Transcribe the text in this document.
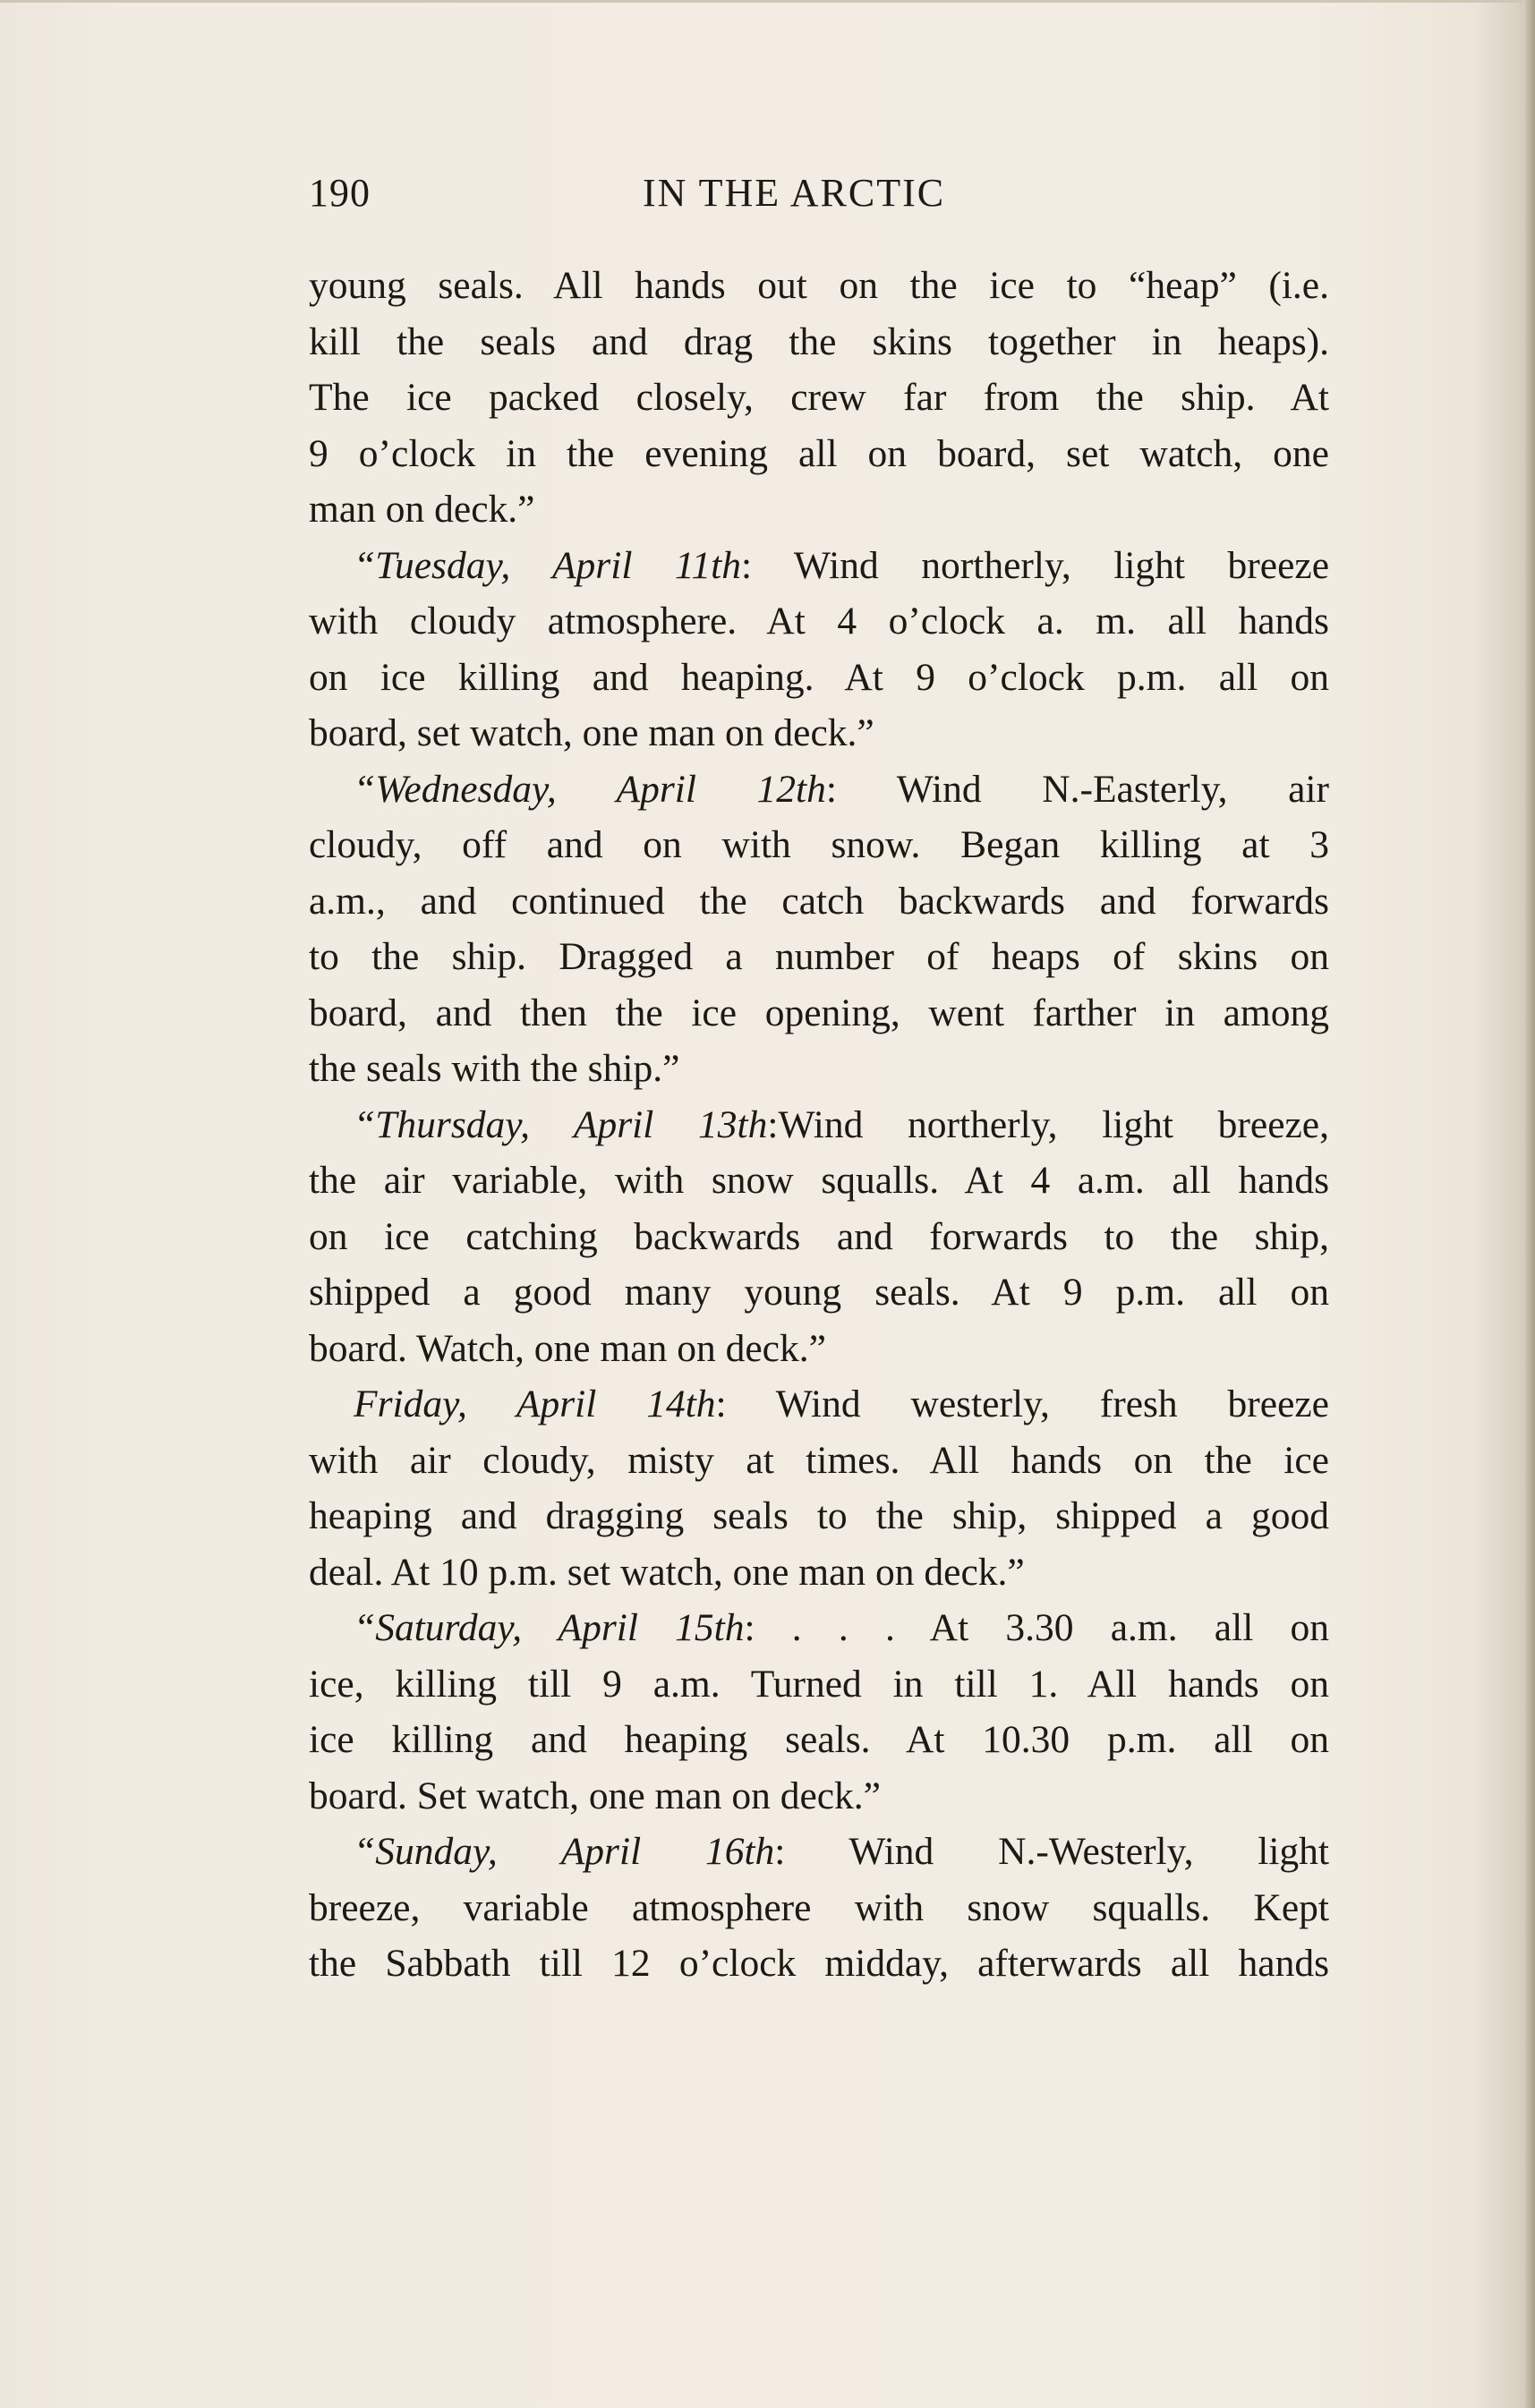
190	IN THE ARCTIC
young seals. All hands out on the ice to “heap” (i.e.
kill the seals and drag the skins together in heaps).
The ice packed closely, crew far from the ship. At
9 o’clock in the evening all on board, set watch, one
man on deck.”
“Tuesday, April 11th: Wind northerly, light breeze
with cloudy atmosphere. At 4 o’clock a. m. all hands
on ice killing and heaping. At 9 o’clock p.m. all on
board, set watch, one man on deck.”
“Wednesday, April 12th: Wind N.-Easterly, air
cloudy, off and on with snow. Began killing at 3
a.m., and continued the catch backwards and forwards
to the ship. Dragged a number of heaps of skins on
board, and then the ice opening, went farther in among
the seals with the ship.”
“Thursday, April 13th:Wind northerly, light breeze,
the air variable, with snow squalls. At 4 a.m. all hands
on ice catching backwards and forwards to the ship,
shipped a good many young seals. At 9 p.m. all on
board. Watch, one man on deck.”
Friday, April 14th: Wind westerly, fresh breeze
with air cloudy, misty at times. All hands on the ice
heaping and dragging seals to the ship, shipped a good
deal. At 10 p.m. set watch, one man on deck.”
“Saturday, April 15th: . . . At 3.30 a.m. all on
ice, killing till 9 a.m. Turned in till 1. All hands on
ice killing and heaping seals. At 10.30 p.m. all on
board. Set watch, one man on deck.”
“Sunday, April 16th: Wind N.-Westerly, light
breeze, variable atmosphere with snow squalls. Kept
the Sabbath till 12 o’clock midday, afterwards all hands
